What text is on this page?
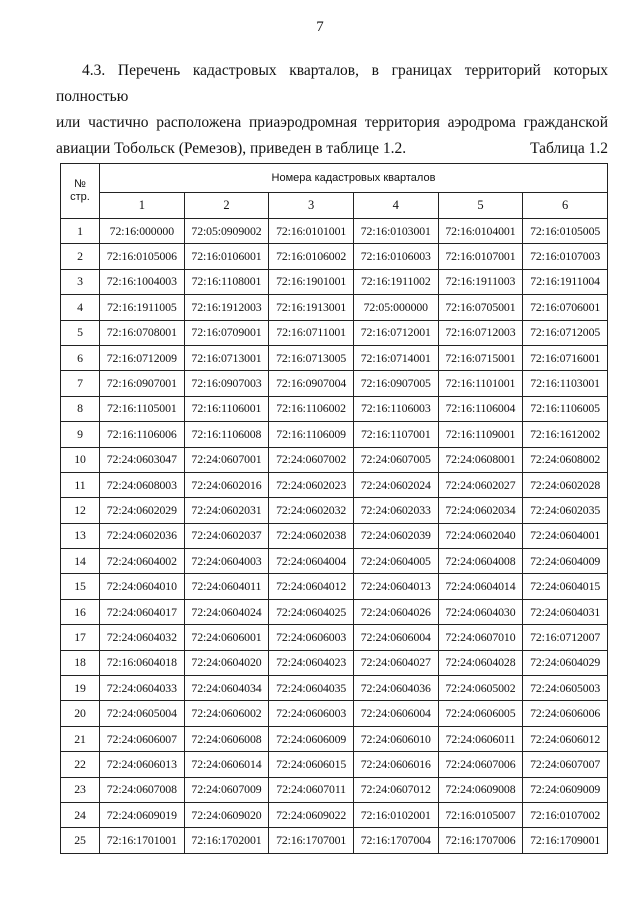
7
4.3. Перечень кадастровых кварталов, в границах территорий которых полностью
или частично расположена приаэродромная территория аэродрома гражданской
авиации Тобольск (Ремезов), приведен в таблице 1.2.	Таблица 1.2
№
стр.	Номера кадастровых кварталов					
	1	2	3	4	5	6
1	72:16:000000	72:05:0909002	72:16:0101001	72:16:0103001	72:16:0104001	72:16:0105005
2	72:16:0105006	72:16:0106001	72:16:0106002	72:16:0106003	72:16:0107001	72:16:0107003
3	72:16:1004003	72:16:1108001	72:16:1901001	72:16:1911002	72:16:1911003	72:16:1911004
4	72:16:1911005	72:16:1912003	72:16:1913001	72:05:000000	72:16:0705001	72:16:0706001
5	72:16:0708001	72:16:0709001	72:16:0711001	72:16:0712001	72:16:0712003	72:16:0712005
6	72:16:0712009	72:16:0713001	72:16:0713005	72:16:0714001	72:16:0715001	72:16:0716001
7	72:16:0907001	72:16:0907003	72:16:0907004	72:16:0907005	72:16:1101001	72:16:1103001
8	72:16:1105001	72:16:1106001	72:16:1106002	72:16:1106003	72:16:1106004	72:16:1106005
9	72:16:1106006	72:16:1106008	72:16:1106009	72:16:1107001	72:16:1109001	72:16:1612002
10	72:24:0603047	72:24:0607001	72:24:0607002	72:24:0607005	72:24:0608001	72:24:0608002
11	72:24:0608003	72:24:0602016	72:24:0602023	72:24:0602024	72:24:0602027	72:24:0602028
12	72:24:0602029	72:24:0602031	72:24:0602032	72:24:0602033	72:24:0602034	72:24:0602035
13	72:24:0602036	72:24:0602037	72:24:0602038	72:24:0602039	72:24:0602040	72:24:0604001
14	72:24:0604002	72:24:0604003	72:24:0604004	72:24:0604005	72:24:0604008	72:24:0604009
15	72:24:0604010	72:24:0604011	72:24:0604012	72:24:0604013	72:24:0604014	72:24:0604015
16	72:24:0604017	72:24:0604024	72:24:0604025	72:24:0604026	72:24:0604030	72:24:0604031
17	72:24:0604032	72:24:0606001	72:24:0606003	72:24:0606004	72:24:0607010	72:16:0712007
18	72:16:0604018	72:24:0604020	72:24:0604023	72:24:0604027	72:24:0604028	72:24:0604029
19	72:24:0604033	72:24:0604034	72:24:0604035	72:24:0604036	72:24:0605002	72:24:0605003
20	72:24:0605004	72:24:0606002	72:24:0606003	72:24:0606004	72:24:0606005	72:24:0606006
21	72:24:0606007	72:24:0606008	72:24:0606009	72:24:0606010	72:24:0606011	72:24:0606012
22	72:24:0606013	72:24:0606014	72:24:0606015	72:24:0606016	72:24:0607006	72:24:0607007
23	72:24:0607008	72:24:0607009	72:24:0607011	72:24:0607012	72:24:0609008	72:24:0609009
24	72:24:0609019	72:24:0609020	72:24:0609022	72:16:0102001	72:16:0105007	72:16:0107002
25	72:16:1701001	72:16:1702001	72:16:1707001	72:16:1707004	72:16:1707006	72:16:1709001
